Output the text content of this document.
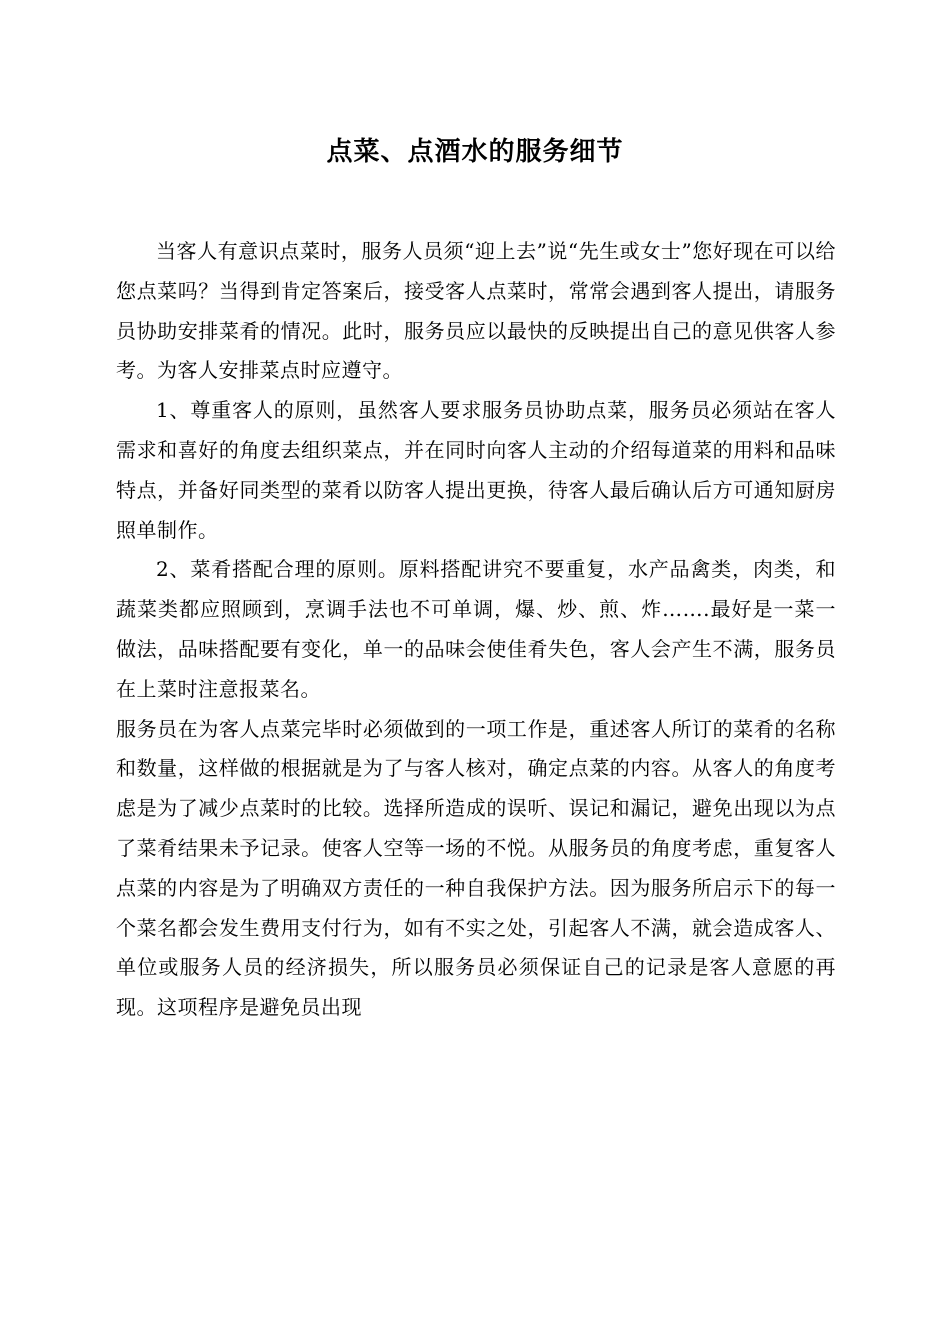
点菜、点酒水的服务细节

当客人有意识点菜时，服务人员须“迎上去”说“先生或女士”您好现在可以给您点菜吗？当得到肯定答案后，接受客人点菜时，常常会遇到客人提出，请服务员协助安排菜肴的情况。此时，服务员应以最快的反映提出自己的意见供客人参考。为客人安排菜点时应遵守。

1、尊重客人的原则，虽然客人要求服务员协助点菜，服务员必须站在客人需求和喜好的角度去组织菜点，并在同时向客人主动的介绍每道菜的用料和品味特点，并备好同类型的菜肴以防客人提出更换，待客人最后确认后方可通知厨房照单制作。

2、菜肴搭配合理的原则。原料搭配讲究不要重复，水产品禽类，肉类，和蔬菜类都应照顾到，烹调手法也不可单调，爆、炒、煎、炸…….最好是一菜一做法，品味搭配要有变化，单一的品味会使佳肴失色，客人会产生不满，服务员在上菜时注意报菜名。

服务员在为客人点菜完毕时必须做到的一项工作是，重述客人所订的菜肴的名称和数量，这样做的根据就是为了与客人核对，确定点菜的内容。从客人的角度考虑是为了减少点菜时的比较。选择所造成的误听、误记和漏记，避免出现以为点了菜肴结果未予记录。使客人空等一场的不悦。从服务员的角度考虑，重复客人点菜的内容是为了明确双方责任的一种自我保护方法。因为服务所启示下的每一个菜名都会发生费用支付行为，如有不实之处，引起客人不满，就会造成客人、单位或服务人员的经济损失，所以服务员必须保证自己的记录是客人意愿的再现。这项程序是避免员出现
